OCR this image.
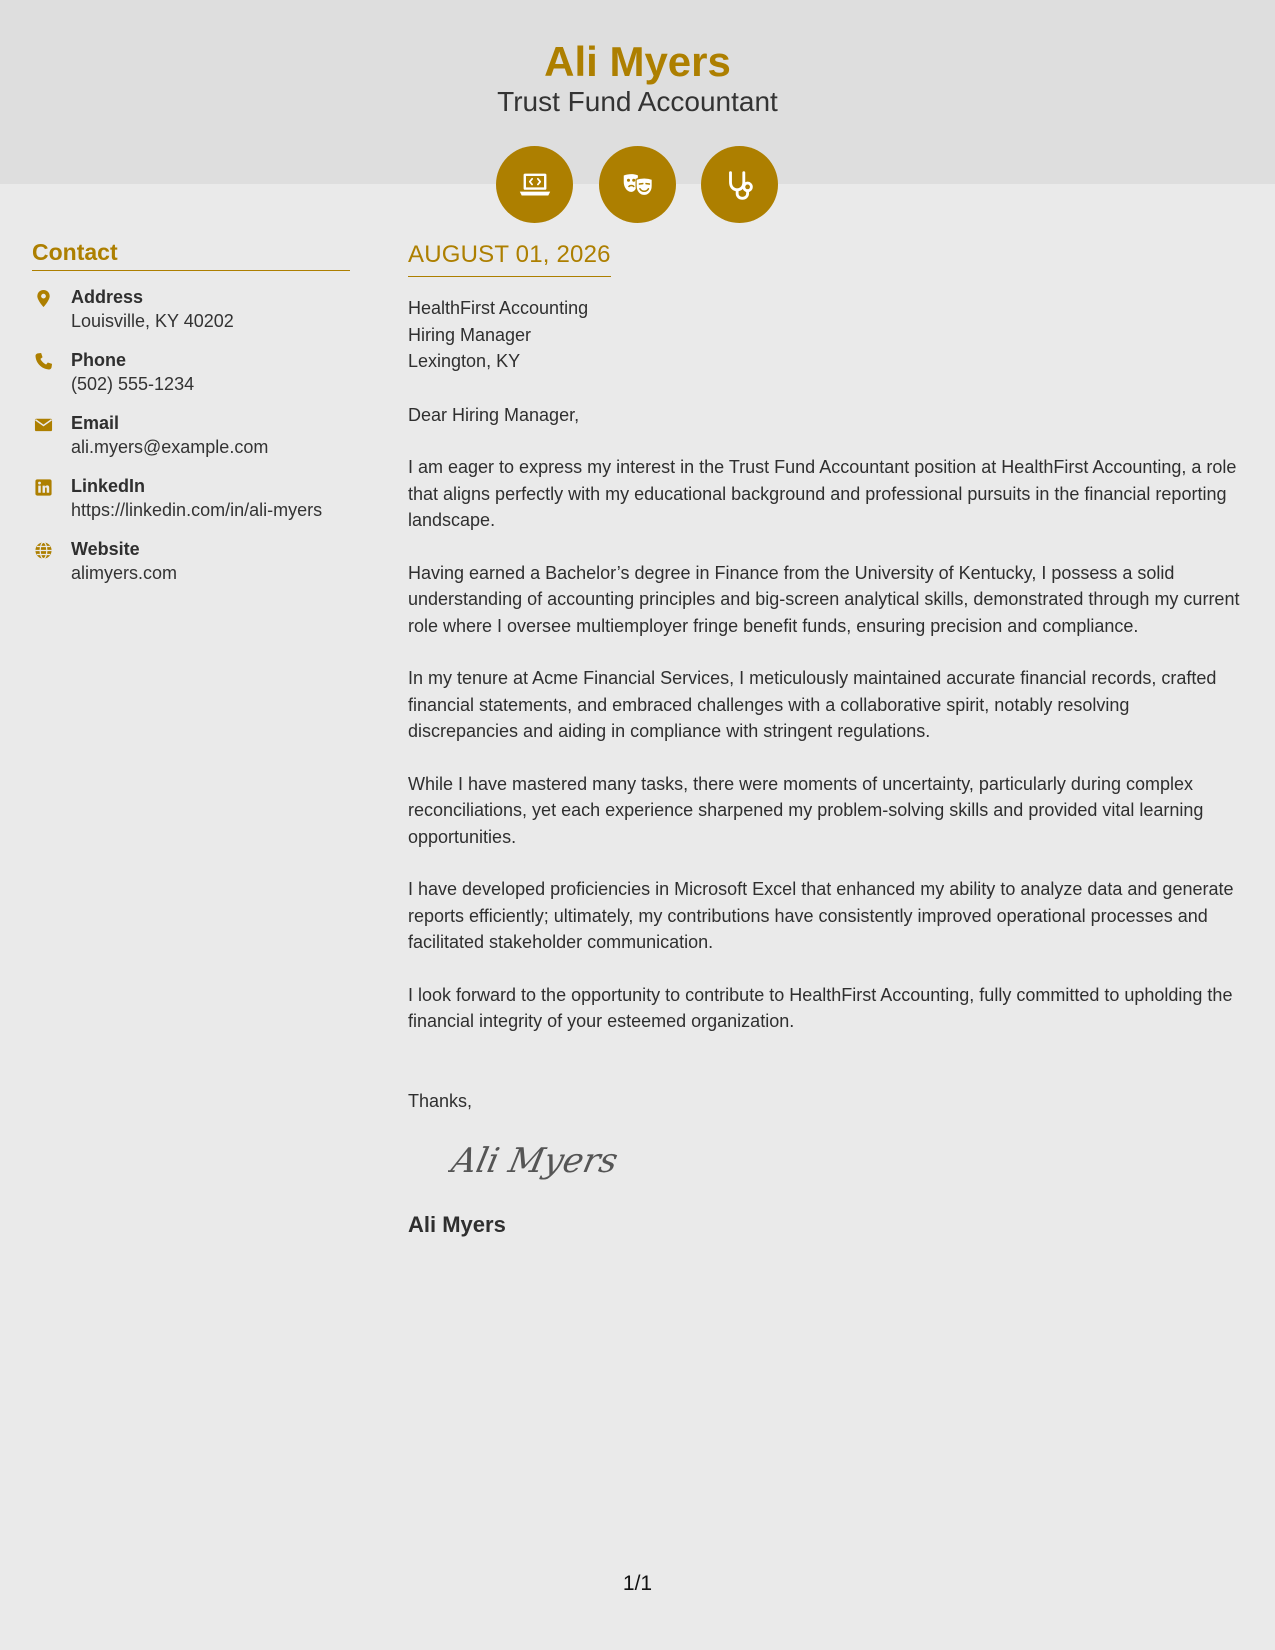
Ali Myers
Trust Fund Accountant
Contact
Address
Louisville, KY 40202
Phone
(502) 555-1234
Email
ali.myers@example.com
LinkedIn
https://linkedin.com/in/ali-myers
Website
alimyers.com
AUGUST 01, 2026
HealthFirst Accounting
Hiring Manager
Lexington, KY
Dear Hiring Manager,

I am eager to express my interest in the Trust Fund Accountant position at HealthFirst Accounting, a role that aligns perfectly with my educational background and professional pursuits in the financial reporting landscape.

Having earned a Bachelor’s degree in Finance from the University of Kentucky, I possess a solid understanding of accounting principles and big-screen analytical skills, demonstrated through my current role where I oversee multiemployer fringe benefit funds, ensuring precision and compliance.

In my tenure at Acme Financial Services, I meticulously maintained accurate financial records, crafted financial statements, and embraced challenges with a collaborative spirit, notably resolving discrepancies and aiding in compliance with stringent regulations.

While I have mastered many tasks, there were moments of uncertainty, particularly during complex reconciliations, yet each experience sharpened my problem-solving skills and provided vital learning opportunities.

I have developed proficiencies in Microsoft Excel that enhanced my ability to analyze data and generate reports efficiently; ultimately, my contributions have consistently improved operational processes and facilitated stakeholder communication.

I look forward to the opportunity to contribute to HealthFirst Accounting, fully committed to upholding the financial integrity of your esteemed organization.

Thanks,
Ali Myers
Ali Myers
1/1
